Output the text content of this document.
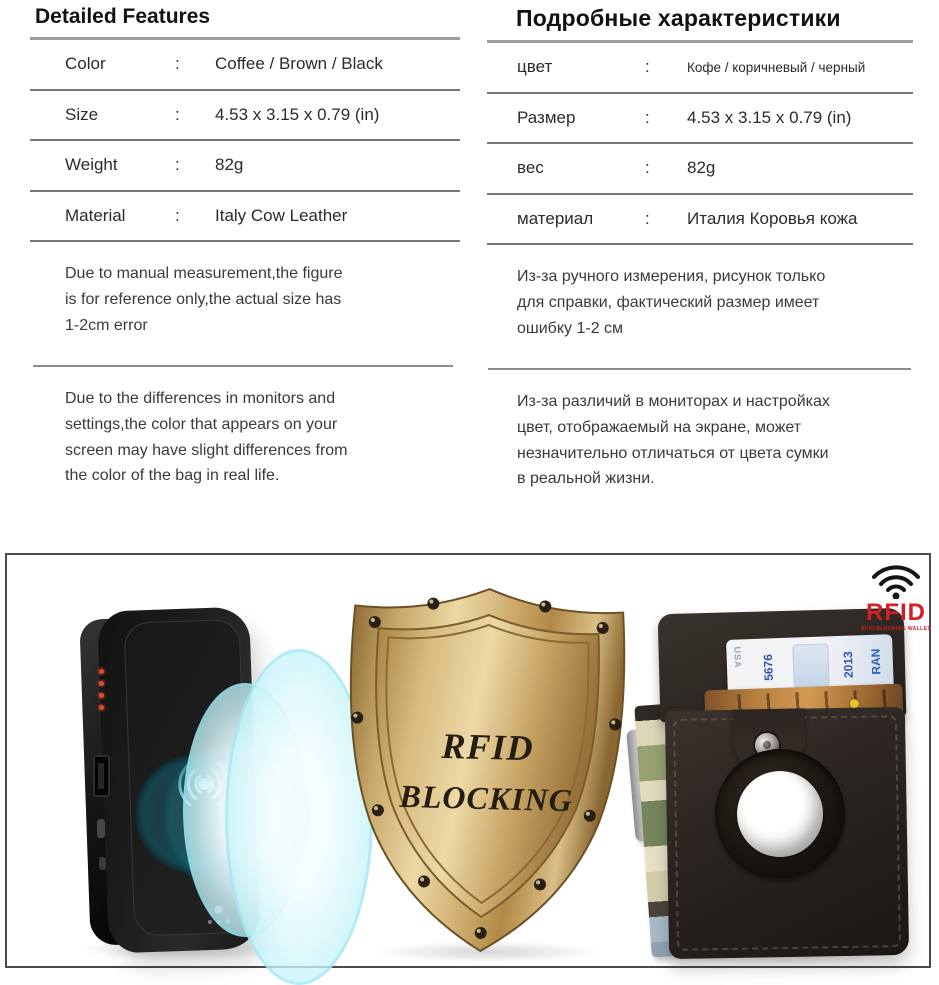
Detailed Features
Color	:	Coffee / Brown / Black
Size	:	4.53 x 3.15 x 0.79 (in)
Weight	:	82g
Material	:	Italy Cow Leather
Due to manual measurement,the figure
is for reference only,the actual size has
1-2cm error
Due to the differences in monitors and
settings,the color that appears on your
screen may have slight differences from
the color of the bag in real life.
Подробные характеристики
цвет	:	Кофе / коричневый / черный
Размер	:	4.53 x 3.15 x 0.79 (in)
вес	:	82g
материал	:	Италия Коровья кожа
Из-за ручного измерения, рисунок только
для справки, фактический размер имеет
ошибку 1-2 см
Из-за различий в мониторах и настройках
цвет, отображаемый на экране, может
незначительно отличаться от цвета сумки
в реальной жизни.
RFID
BLOCKING
USA 5676	2013 RAN
RFID
RFID BLOCKING WALLET
